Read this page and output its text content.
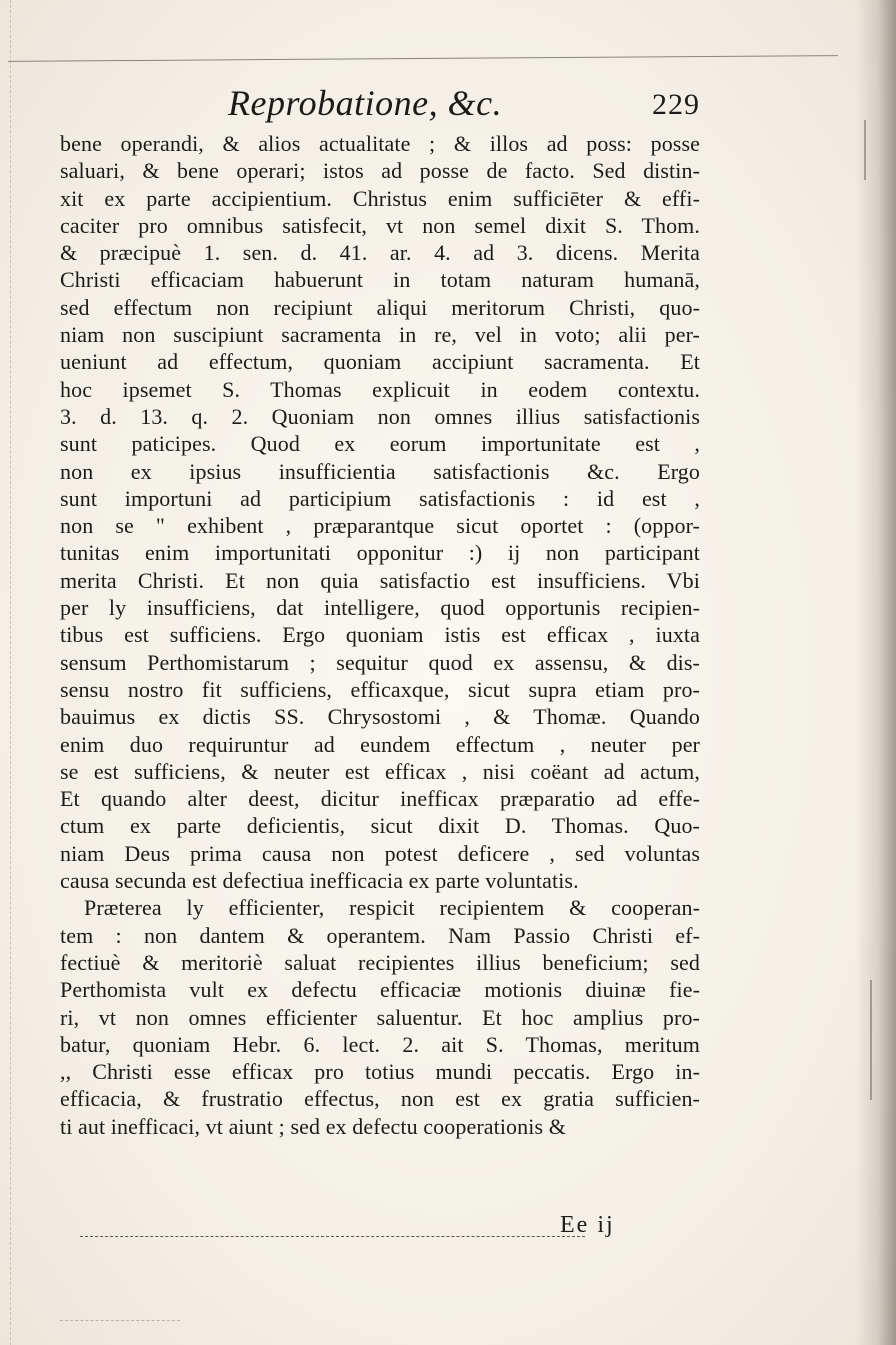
Reprobatione, &c.	229
bene operandi, & alios actualitate ; & illos ad poss: posse
saluari, & bene operari; istos ad posse de facto. Sed distin-
xit ex parte accipientium. Christus enim sufficiēter & effi-
caciter pro omnibus satisfecit, vt non semel dixit S. Thom.
& præcipuè 1. sen. d. 41. ar. 4. ad 3. dicens. Merita
Christi efficaciam habuerunt in totam naturam humanā,
sed effectum non recipiunt aliqui meritorum Christi, quo-
niam non suscipiunt sacramenta in re, vel in voto; alii per-
ueniunt ad effectum, quoniam accipiunt sacramenta. Et
hoc ipsemet S. Thomas explicuit in eodem contextu.
3. d. 13. q. 2. Quoniam non omnes illius satisfactionis
sunt paticipes. Quod ex eorum importunitate est ,
non ex ipsius insufficientia satisfactionis &c. Ergo
sunt importuni ad participium satisfactionis : id est ,
non se " exhibent , præparantque sicut oportet : (oppor-
tunitas enim importunitati opponitur :) ij non participant
merita Christi. Et non quia satisfactio est insufficiens. Vbi
per ly insufficiens, dat intelligere, quod opportunis recipien-
tibus est sufficiens. Ergo quoniam istis est efficax , iuxta
sensum Perthomistarum ; sequitur quod ex assensu, & dis-
sensu nostro fit sufficiens, efficaxque, sicut supra etiam pro-
bauimus ex dictis SS. Chrysostomi , & Thomæ. Quando
enim duo requiruntur ad eundem effectum , neuter per
se est sufficiens, & neuter est efficax , nisi coëant ad actum,
Et quando alter deest, dicitur inefficax præparatio ad effe-
ctum ex parte deficientis, sicut dixit D. Thomas. Quo-
niam Deus prima causa non potest deficere , sed voluntas
causa secunda est defectiua inefficacia ex parte voluntatis.
Præterea ly efficienter, respicit recipientem & cooperan-
tem : non dantem & operantem. Nam Passio Christi ef-
fectiuè & meritoriè saluat recipientes illius beneficium; sed
Perthomista vult ex defectu efficaciæ motionis diuinæ fie-
ri, vt non omnes efficienter saluentur. Et hoc amplius pro-
batur, quoniam Hebr. 6. lect. 2. ait S. Thomas, meritum
,, Christi esse efficax pro totius mundi peccatis. Ergo in-
efficacia, & frustratio effectus, non est ex gratia sufficien-
ti aut inefficaci, vt aiunt ; sed ex defectu cooperationis &
Ee ij
